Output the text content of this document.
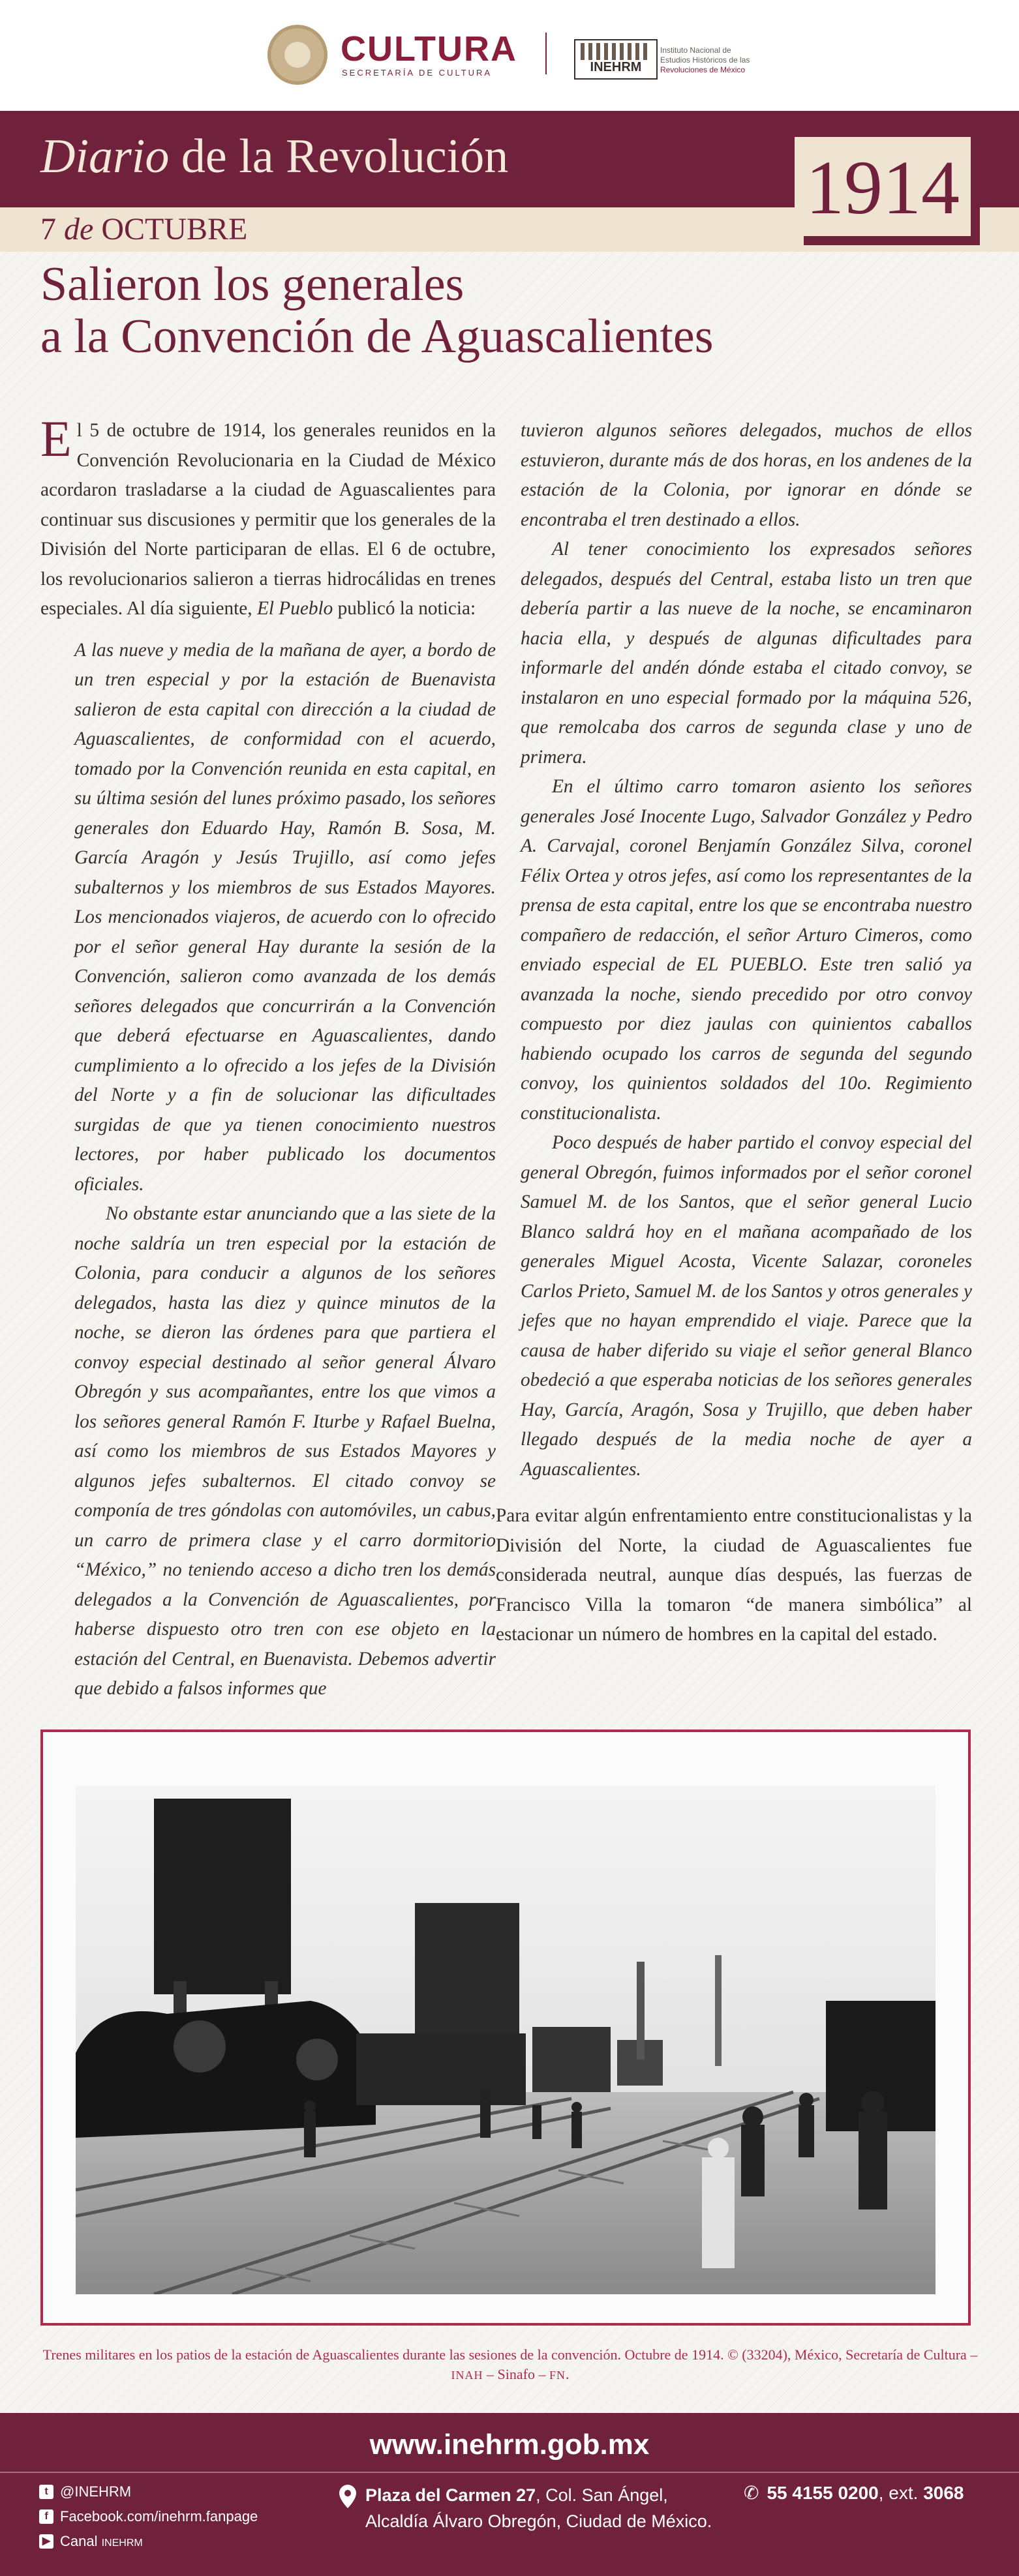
CULTURA
SECRETARÍA DE CULTURA	INEHRM
Instituto Nacional de
Estudios Históricos de las
Revoluciones de México
Diario de la Revolución
7 de OCTUBRE	1914
Salieron los generales
a la Convención de Aguascalientes

El 5 de octubre de 1914, los generales reunidos en la Convención Revolucionaria en la Ciudad de México acordaron trasladarse a la ciudad de Aguascalientes para continuar sus discusiones y permitir que los generales de la División del Norte participaran de ellas. El 6 de octubre, los revolucionarios salieron a tierras hidrocálidas en trenes especiales. Al día siguiente, El Pueblo publicó la noticia:

A las nueve y media de la mañana de ayer, a bordo de un tren especial y por la estación de Buenavista salieron de esta capital con dirección a la ciudad de Aguascalientes, de conformidad con el acuerdo, tomado por la Convención reunida en esta capital, en su última sesión del lunes próximo pasado, los señores generales don Eduardo Hay, Ramón B. Sosa, M. García Aragón y Jesús Trujillo, así como jefes subalternos y los miembros de sus Estados Mayores. Los mencionados viajeros, de acuerdo con lo ofrecido por el señor general Hay durante la sesión de la Convención, salieron como avanzada de los demás señores delegados que concurrirán a la Convención que deberá efectuarse en Aguascalientes, dando cumplimiento a lo ofrecido a los jefes de la División del Norte y a fin de solucionar las dificultades surgidas de que ya tienen conocimiento nuestros lectores, por haber publicado los documentos oficiales.

No obstante estar anunciando que a las siete de la noche saldría un tren especial por la estación de Colonia, para conducir a algunos de los señores delegados, hasta las diez y quince minutos de la noche, se dieron las órdenes para que partiera el convoy especial destinado al señor general Álvaro Obregón y sus acompañantes, entre los que vimos a los señores general Ramón F. Iturbe y Rafael Buelna, así como los miembros de sus Estados Mayores y algunos jefes subalternos. El citado convoy se componía de tres góndolas con automóviles, un cabus, un carro de primera clase y el carro dormitorio “México,” no teniendo acceso a dicho tren los demás delegados a la Convención de Aguascalientes, por haberse dispuesto otro tren con ese objeto en la estación del Central, en Buenavista. Debemos advertir que debido a falsos informes que

tuvieron algunos señores delegados, muchos de ellos estuvieron, durante más de dos horas, en los andenes de la estación de la Colonia, por ignorar en dónde se encontraba el tren destinado a ellos.

Al tener conocimiento los expresados señores delegados, después del Central, estaba listo un tren que debería partir a las nueve de la noche, se encaminaron hacia ella, y después de algunas dificultades para informarle del andén dónde estaba el citado convoy, se instalaron en uno especial formado por la máquina 526, que remolcaba dos carros de segunda clase y uno de primera.

En el último carro tomaron asiento los señores generales José Inocente Lugo, Salvador González y Pedro A. Carvajal, coronel Benjamín González Silva, coronel Félix Ortea y otros jefes, así como los representantes de la prensa de esta capital, entre los que se encontraba nuestro compañero de redacción, el señor Arturo Cimeros, como enviado especial de EL PUEBLO. Este tren salió ya avanzada la noche, siendo precedido por otro convoy compuesto por diez jaulas con quinientos caballos habiendo ocupado los carros de segunda del segundo convoy, los quinientos soldados del 10o. Regimiento constitucionalista.

Poco después de haber partido el convoy especial del general Obregón, fuimos informados por el señor coronel Samuel M. de los Santos, que el señor general Lucio Blanco saldrá hoy en el mañana acompañado de los generales Miguel Acosta, Vicente Salazar, coroneles Carlos Prieto, Samuel M. de los Santos y otros generales y jefes que no hayan emprendido el viaje. Parece que la causa de haber diferido su viaje el señor general Blanco obedeció a que esperaba noticias de los señores generales Hay, García, Aragón, Sosa y Trujillo, que deben haber llegado después de la media noche de ayer a Aguascalientes.

Para evitar algún enfrentamiento entre constitucionalistas y la División del Norte, la ciudad de Aguascalientes fue considerada neutral, aunque días después, las fuerzas de Francisco Villa la tomaron “de manera simbólica” al estacionar un número de hombres en la capital del estado.

Trenes militares en los patios de la estación de Aguascalientes durante las sesiones de la convención. Octubre de 1914. © (33204), México, Secretaría de Cultura – INAH – Sinafo – FN.
www.inehrm.gob.mx
t @INEHRM
f Facebook.com/inehrm.fanpage
▶ Canal INEHRM
Plaza del Carmen 27, Col. San Ángel,
Alcaldía Álvaro Obregón, Ciudad de México.
✆ 55 4155 0200, ext. 3068
